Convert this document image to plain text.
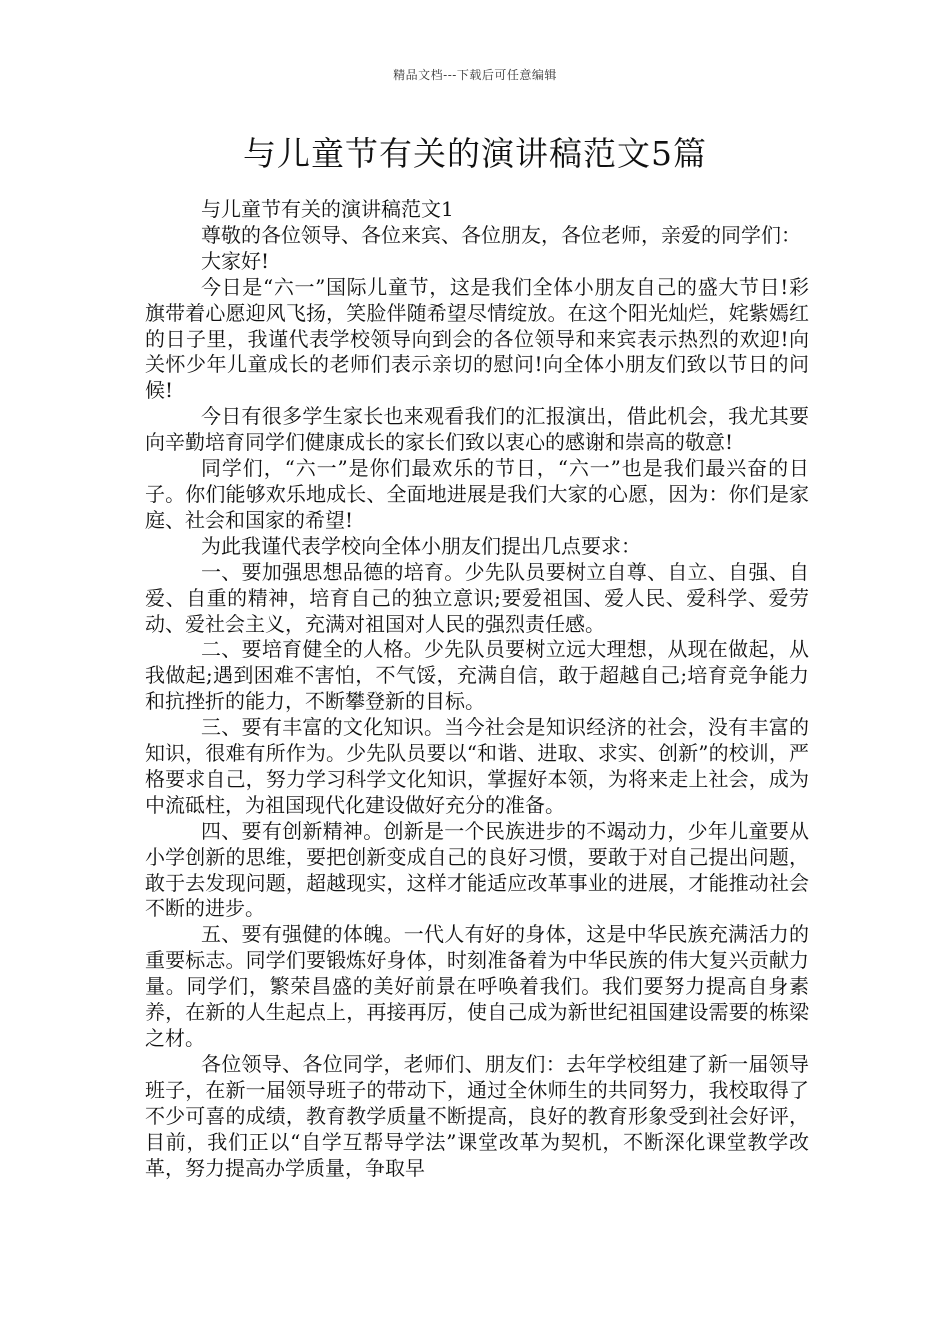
精品文档---下载后可任意编辑
与儿童节有关的演讲稿范文5篇

与儿童节有关的演讲稿范文1

尊敬的各位领导、各位来宾、各位朋友，各位老师，亲爱的同学们：

大家好!

今日是“六一”国际儿童节，这是我们全体小朋友自己的盛大节日!彩旗带着心愿迎风飞扬，笑脸伴随希望尽情绽放。在这个阳光灿烂，姹紫嫣红的日子里，我谨代表学校领导向到会的各位领导和来宾表示热烈的欢迎!向关怀少年儿童成长的老师们表示亲切的慰问!向全体小朋友们致以节日的问候!

今日有很多学生家长也来观看我们的汇报演出，借此机会，我尤其要向辛勤培育同学们健康成长的家长们致以衷心的感谢和崇高的敬意!

同学们，“六一”是你们最欢乐的节日，“六一”也是我们最兴奋的日子。你们能够欢乐地成长、全面地进展是我们大家的心愿，因为：你们是家庭、社会和国家的希望!

为此我谨代表学校向全体小朋友们提出几点要求：

一、要加强思想品德的培育。少先队员要树立自尊、自立、自强、自爱、自重的精神，培育自己的独立意识;要爱祖国、爱人民、爱科学、爱劳动、爱社会主义，充满对祖国对人民的强烈责任感。

二、要培育健全的人格。少先队员要树立远大理想，从现在做起，从我做起;遇到困难不害怕，不气馁，充满自信，敢于超越自己;培育竞争能力和抗挫折的能力，不断攀登新的目标。

三、要有丰富的文化知识。当今社会是知识经济的社会，没有丰富的知识，很难有所作为。少先队员要以“和谐、进取、求实、创新”的校训，严格要求自己，努力学习科学文化知识，掌握好本领，为将来走上社会，成为中流砥柱，为祖国现代化建设做好充分的准备。

四、要有创新精神。创新是一个民族进步的不竭动力，少年儿童要从小学创新的思维，要把创新变成自己的良好习惯，要敢于对自己提出问题，敢于去发现问题，超越现实，这样才能适应改革事业的进展，才能推动社会不断的进步。

五、要有强健的体魄。一代人有好的身体，这是中华民族充满活力的重要标志。同学们要锻炼好身体，时刻准备着为中华民族的伟大复兴贡献力量。同学们，繁荣昌盛的美好前景在呼唤着我们。我们要努力提高自身素养，在新的人生起点上，再接再厉，使自己成为新世纪祖国建设需要的栋梁之材。

各位领导、各位同学，老师们、朋友们：去年学校组建了新一届领导班子，在新一届领导班子的带动下，通过全休师生的共同努力，我校取得了不少可喜的成绩，教育教学质量不断提高，良好的教育形象受到社会好评，目前，我们正以“自学互帮导学法”课堂改革为契机，不断深化课堂教学改革，努力提高办学质量，争取早
